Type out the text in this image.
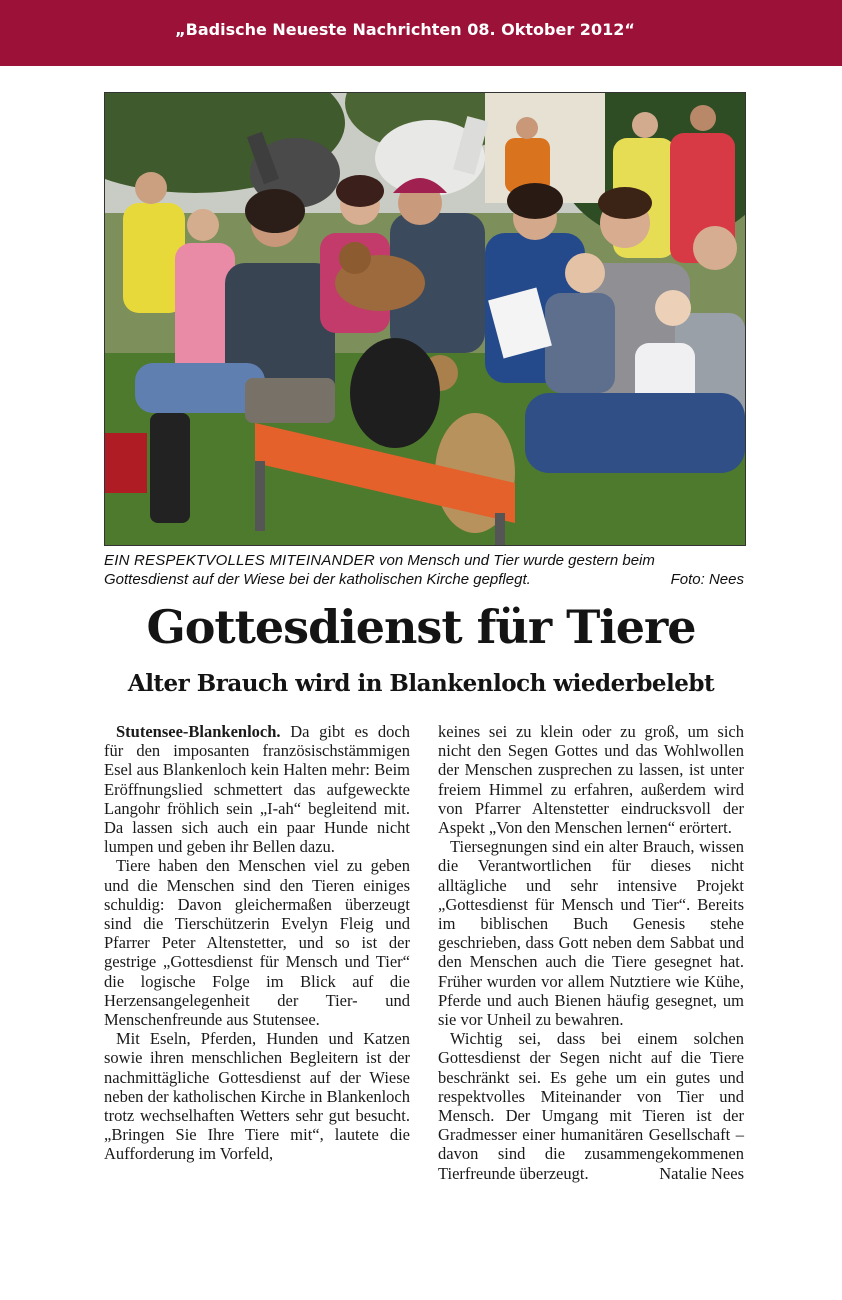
„Badische Neueste Nachrichten 08. Oktober 2012“
EIN RESPEKTVOLLES MITEINANDER von Mensch und Tier wurde gestern beim
Gottesdienst auf der Wiese bei der katholischen Kirche gepflegt.	Foto: Nees
Gottesdienst für Tiere
Alter Brauch wird in Blankenloch wiederbelebt

Stutensee-Blankenloch. Da gibt es doch für den imposanten französischstämmigen Esel aus Blankenloch kein Halten mehr: Beim Eröffnungslied schmettert das aufgeweckte Langohr fröhlich sein „I-ah“ begleitend mit. Da lassen sich auch ein paar Hunde nicht lumpen und geben ihr Bellen dazu.

Tiere haben den Menschen viel zu geben und die Menschen sind den Tieren einiges schuldig: Davon gleichermaßen überzeugt sind die Tierschützerin Evelyn Fleig und Pfarrer Peter Altenstetter, und so ist der gestrige „Gottesdienst für Mensch und Tier“ die logische Folge im Blick auf die Herzensangelegenheit der Tier- und Menschenfreunde aus Stutensee.

Mit Eseln, Pferden, Hunden und Katzen sowie ihren menschlichen Begleitern ist der nachmittägliche Gottesdienst auf der Wiese neben der katholischen Kirche in Blankenloch trotz wechselhaften Wetters sehr gut besucht. „Bringen Sie Ihre Tiere mit“, lautete die Aufforderung im Vorfeld,

keines sei zu klein oder zu groß, um sich nicht den Segen Gottes und das Wohlwollen der Menschen zusprechen zu lassen, ist unter freiem Himmel zu erfahren, außerdem wird von Pfarrer Altenstetter eindrucksvoll der Aspekt „Von den Menschen lernen“ erörtert.

Tiersegnungen sind ein alter Brauch, wissen die Verantwortlichen für dieses nicht alltägliche und sehr intensive Projekt „Gottesdienst für Mensch und Tier“. Bereits im biblischen Buch Genesis stehe geschrieben, dass Gott neben dem Sabbat und den Menschen auch die Tiere gesegnet hat. Früher wurden vor allem Nutztiere wie Kühe, Pferde und auch Bienen häufig gesegnet, um sie vor Unheil zu bewahren.

Wichtig sei, dass bei einem solchen Gottesdienst der Segen nicht auf die Tiere beschränkt sei. Es gehe um ein gutes und respektvolles Miteinander von Tier und Mensch. Der Umgang mit Tieren ist der Gradmesser einer humanitären Gesellschaft – davon sind die zusammengekommenen Tierfreunde überzeugt.	Natalie Nees
